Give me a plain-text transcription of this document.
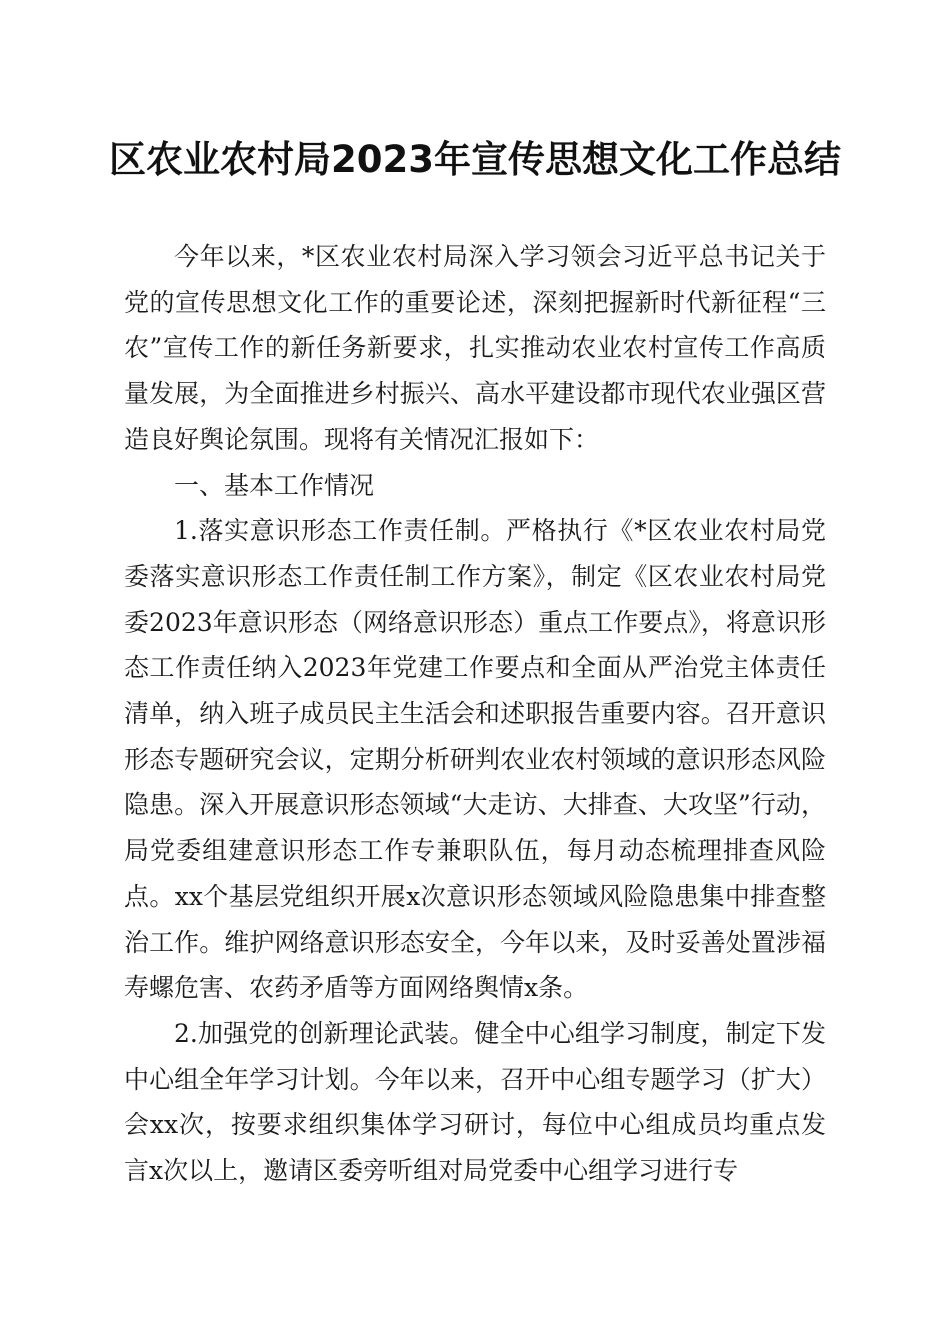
区农业农村局2023年宣传思想文化工作总结

今年以来，*区农业农村局深入学习领会习近平总书记关于党的宣传思想文化工作的重要论述，深刻把握新时代新征程“三农”宣传工作的新任务新要求，扎实推动农业农村宣传工作高质量发展，为全面推进乡村振兴、高水平建设都市现代农业强区营造良好舆论氛围。现将有关情况汇报如下：

一、基本工作情况

1.落实意识形态工作责任制。严格执行《*区农业农村局党委落实意识形态工作责任制工作方案》，制定《区农业农村局党委2023年意识形态（网络意识形态）重点工作要点》，将意识形态工作责任纳入2023年党建工作要点和全面从严治党主体责任清单，纳入班子成员民主生活会和述职报告重要内容。召开意识形态专题研究会议，定期分析研判农业农村领域的意识形态风险隐患。深入开展意识形态领域“大走访、大排查、大攻坚”行动，局党委组建意识形态工作专兼职队伍，每月动态梳理排查风险点。xx个基层党组织开展x次意识形态领域风险隐患集中排查整治工作。维护网络意识形态安全，今年以来，及时妥善处置涉福寿螺危害、农药矛盾等方面网络舆情x条。

2.加强党的创新理论武装。健全中心组学习制度，制定下发中心组全年学习计划。今年以来，召开中心组专题学习（扩大）会xx次，按要求组织集体学习研讨，每位中心组成员均重点发言x次以上，邀请区委旁听组对局党委中心组学习进行专
